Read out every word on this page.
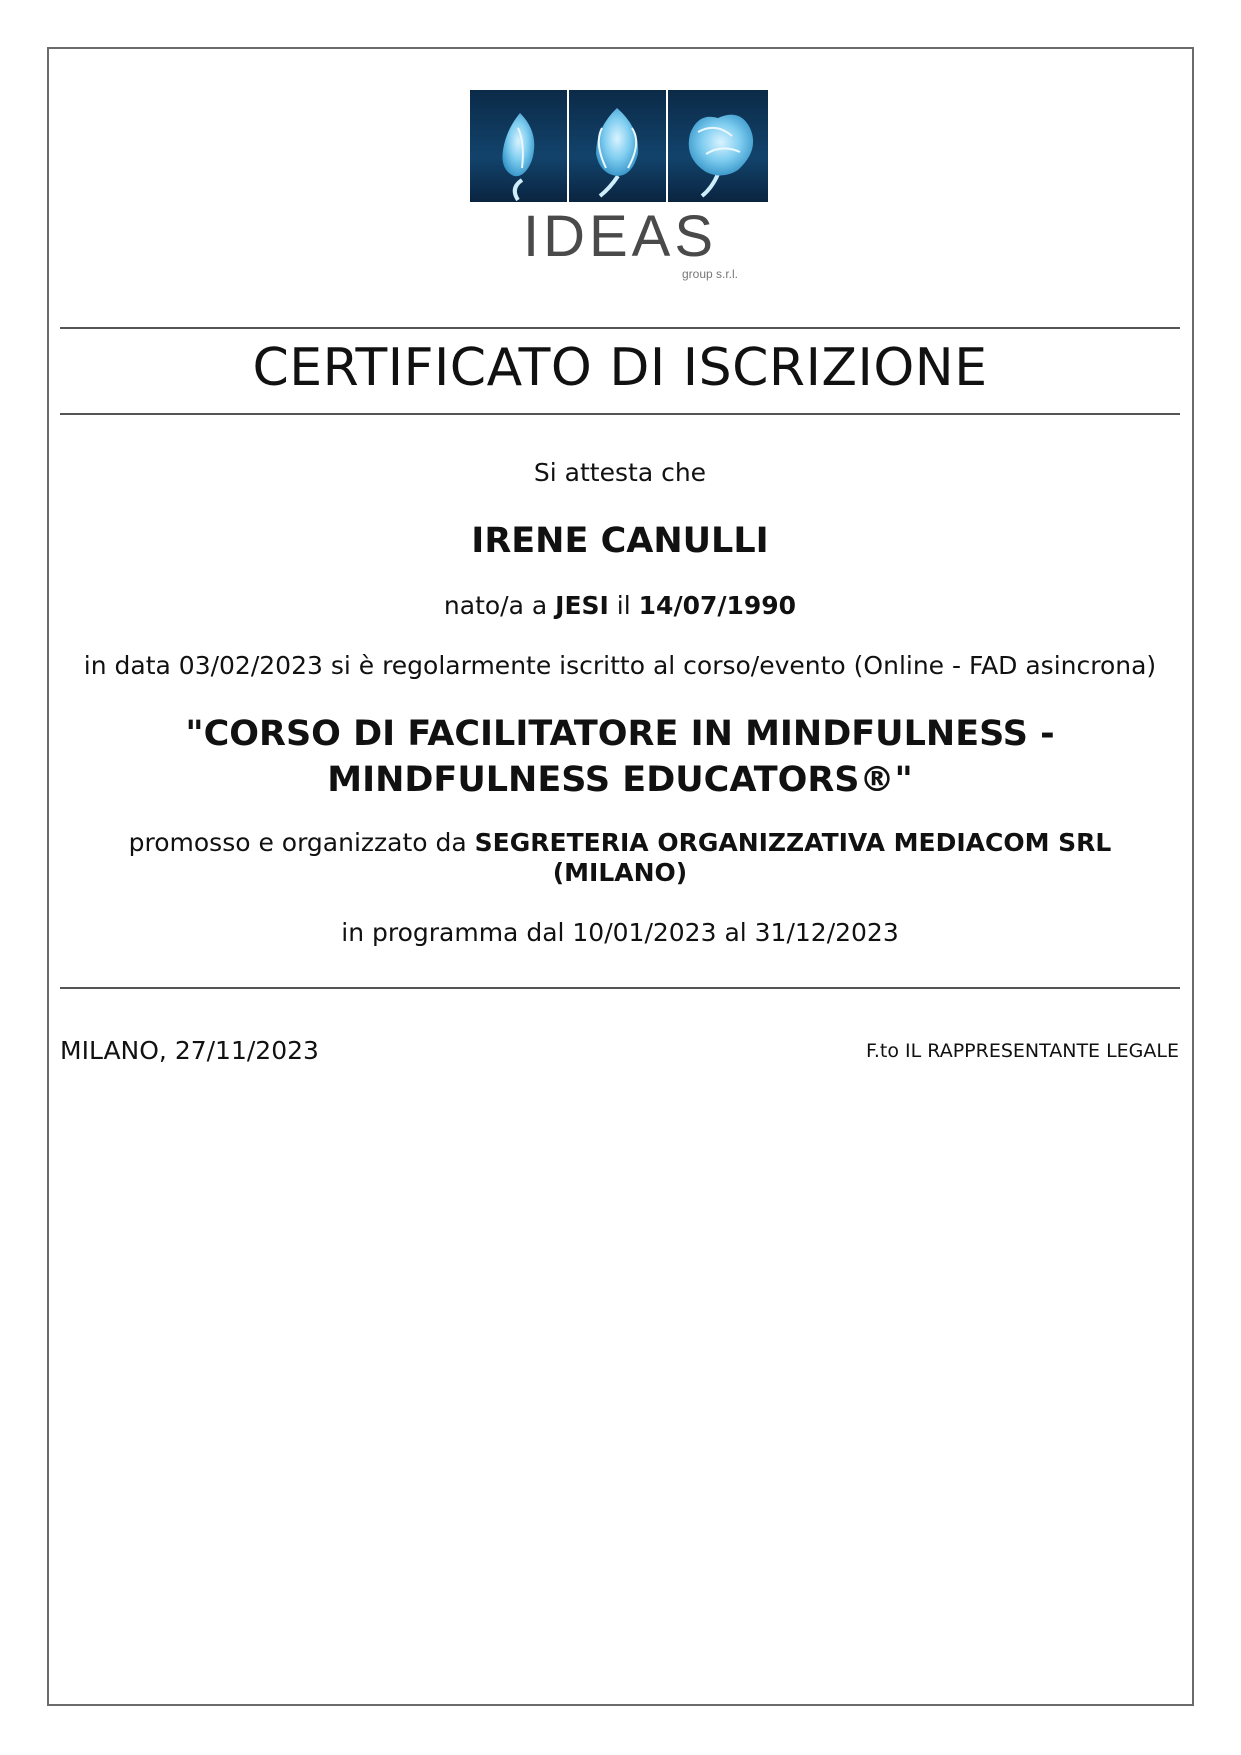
IDEAS
group s.r.l.
CERTIFICATO DI ISCRIZIONE
Si attesta che
IRENE CANULLI
nato/a a JESI il 14/07/1990
in data 03/02/2023 si è regolarmente iscritto al corso/evento (Online - FAD asincrona)
"CORSO DI FACILITATORE IN MINDFULNESS -
MINDFULNESS EDUCATORS®"
promosso e organizzato da SEGRETERIA ORGANIZZATIVA MEDIACOM SRL
(MILANO)
in programma dal 10/01/2023 al 31/12/2023
MILANO, 27/11/2023	F.to IL RAPPRESENTANTE LEGALE
